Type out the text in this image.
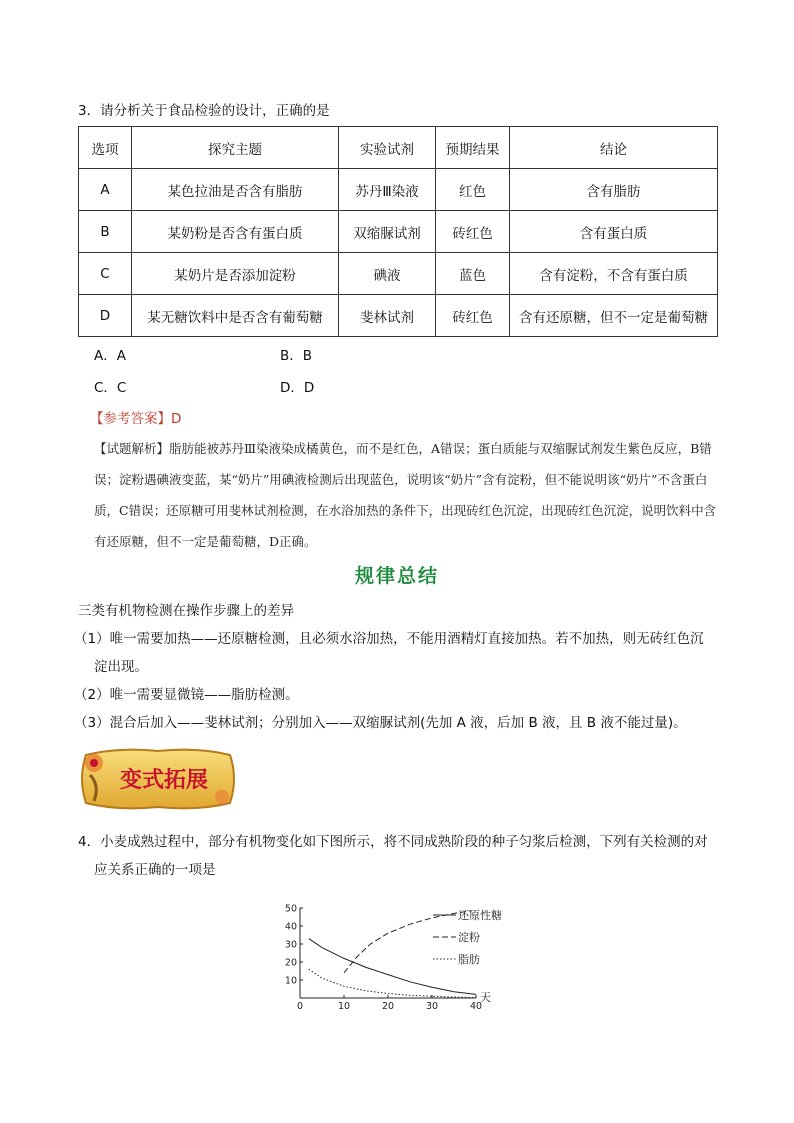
3．请分析关于食品检验的设计，正确的是
选项	探究主题	实验试剂	预期结果	结论
A	某色拉油是否含有脂肪	苏丹Ⅲ染液	红色	含有脂肪
B	某奶粉是否含有蛋白质	双缩脲试剂	砖红色	含有蛋白质
C	某奶片是否添加淀粉	碘液	蓝色	含有淀粉，不含有蛋白质
D	某无糖饮料中是否含有葡萄糖	斐林试剂	砖红色	含有还原糖，但不一定是葡萄糖
A．A	B．B
C．C	D．D
【参考答案】D
【试题解析】脂肪能被苏丹Ⅲ染液染成橘黄色，而不是红色，A错误；蛋白质能与双缩脲试剂发生紫色反应，B错误；淀粉遇碘液变蓝，某“奶片”用碘液检测后出现蓝色，说明该“奶片”含有淀粉，但不能说明该“奶片”不含蛋白质，C错误；还原糖可用斐林试剂检测，在水浴加热的条件下，出现砖红色沉淀，出现砖红色沉淀，说明饮料中含有还原糖，但不一定是葡萄糖，D正确。
规律总结
三类有机物检测在操作步骤上的差异
（1）唯一需要加热——还原糖检测，且必须水浴加热，不能用酒精灯直接加热。若不加热，则无砖红色沉
淀出现。
（2）唯一需要显微镜——脂肪检测。
（3）混合后加入——斐林试剂；分别加入——双缩脲试剂(先加 A 液，后加 B 液，且 B 液不能过量)。
变式拓展
4．小麦成熟过程中，部分有机物变化如下图所示，将不同成熟阶段的种子匀浆后检测，下列有关检测的对
应关系正确的一项是
0	10	20	30	40
10
20
30
40
50
天
还原性糖
淀粉
脂肪
